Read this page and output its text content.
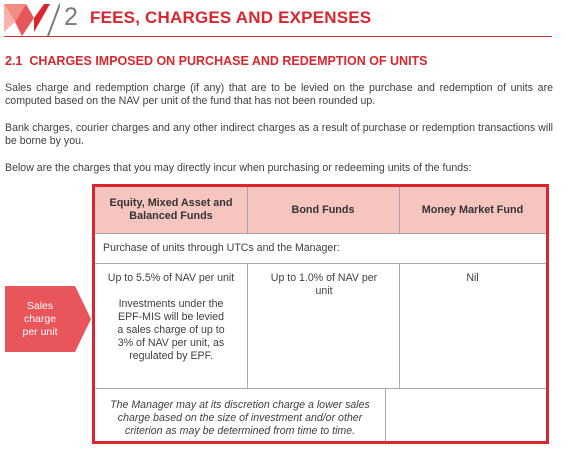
2 FEES, CHARGES AND EXPENSES
2.1 CHARGES IMPOSED ON PURCHASE AND REDEMPTION OF UNITS
Sales charge and redemption charge (if any) that are to be levied on the purchase and redemption of units are computed based on the NAV per unit of the fund that has not been rounded up.
Bank charges, courier charges and any other indirect charges as a result of purchase or redemption transactions will be borne by you.
Below are the charges that you may directly incur when purchasing or redeeming units of the funds:
Sales charge per unit
Equity, Mixed Asset and Balanced Funds
Bond Funds	Money Market Fund
Purchase of units through UTCs and the Manager:
Up to 5.5% of NAV per unit
Investments under the EPF-MIS will be levied a sales charge of up to 3% of NAV per unit, as regulated by EPF.
Up to 1.0% of NAV per unit
Nil
The Manager may at its discretion charge a lower sales charge based on the size of investment and/or other criterion as may be determined from time to time.
